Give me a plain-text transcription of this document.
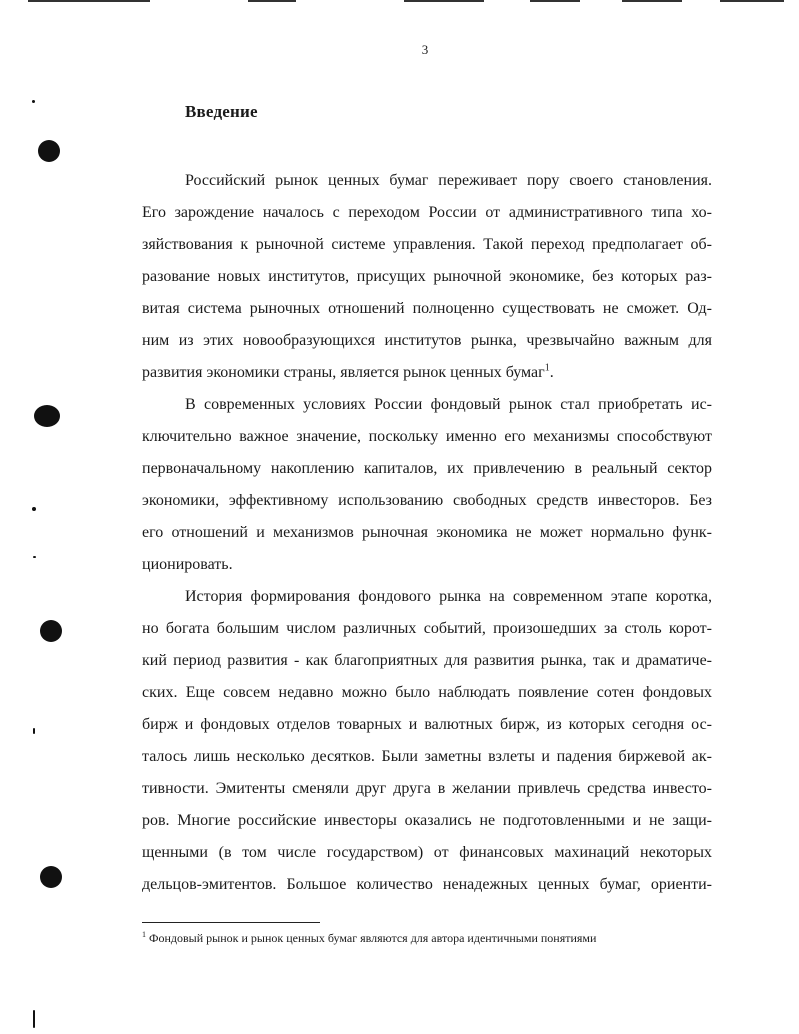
3
Введение
Российский рынок ценных бумаг переживает пору своего становления.
Его зарождение началось с переходом России от административного типа хо-
зяйствования к рыночной системе управления. Такой переход предполагает об-
разование новых институтов, присущих рыночной экономике, без которых раз-
витая система рыночных отношений полноценно существовать не сможет. Од-
ним из этих новообразующихся институтов рынка, чрезвычайно важным для
развития экономики страны, является рынок ценных бумаг$^1$.
В современных условиях России фондовый рынок стал приобретать ис-
ключительно важное значение, поскольку именно его механизмы способствуют
первоначальному накоплению капиталов, их привлечению в реальный сектор
экономики, эффективному использованию свободных средств инвесторов. Без
его отношений и механизмов рыночная экономика не может нормально функ-
ционировать.
История формирования фондового рынка на современном этапе коротка,
но богата большим числом различных событий, произошедших за столь корот-
кий период развития - как благоприятных для развития рынка, так и драматиче-
ских. Еще совсем недавно можно было наблюдать появление сотен фондовых
бирж и фондовых отделов товарных и валютных бирж, из которых сегодня ос-
талось лишь несколько десятков. Были заметны взлеты и падения биржевой ак-
тивности. Эмитенты сменяли друг друга в желании привлечь средства инвесто-
ров. Многие российские инвесторы оказались не подготовленными и не защи-
щенными (в том числе государством) от финансовых махинаций некоторых
дельцов-эмитентов. Большое количество ненадежных ценных бумаг, ориенти-
$^1$ Фондовый рынок и рынок ценных бумаг являются для автора идентичными понятиями
